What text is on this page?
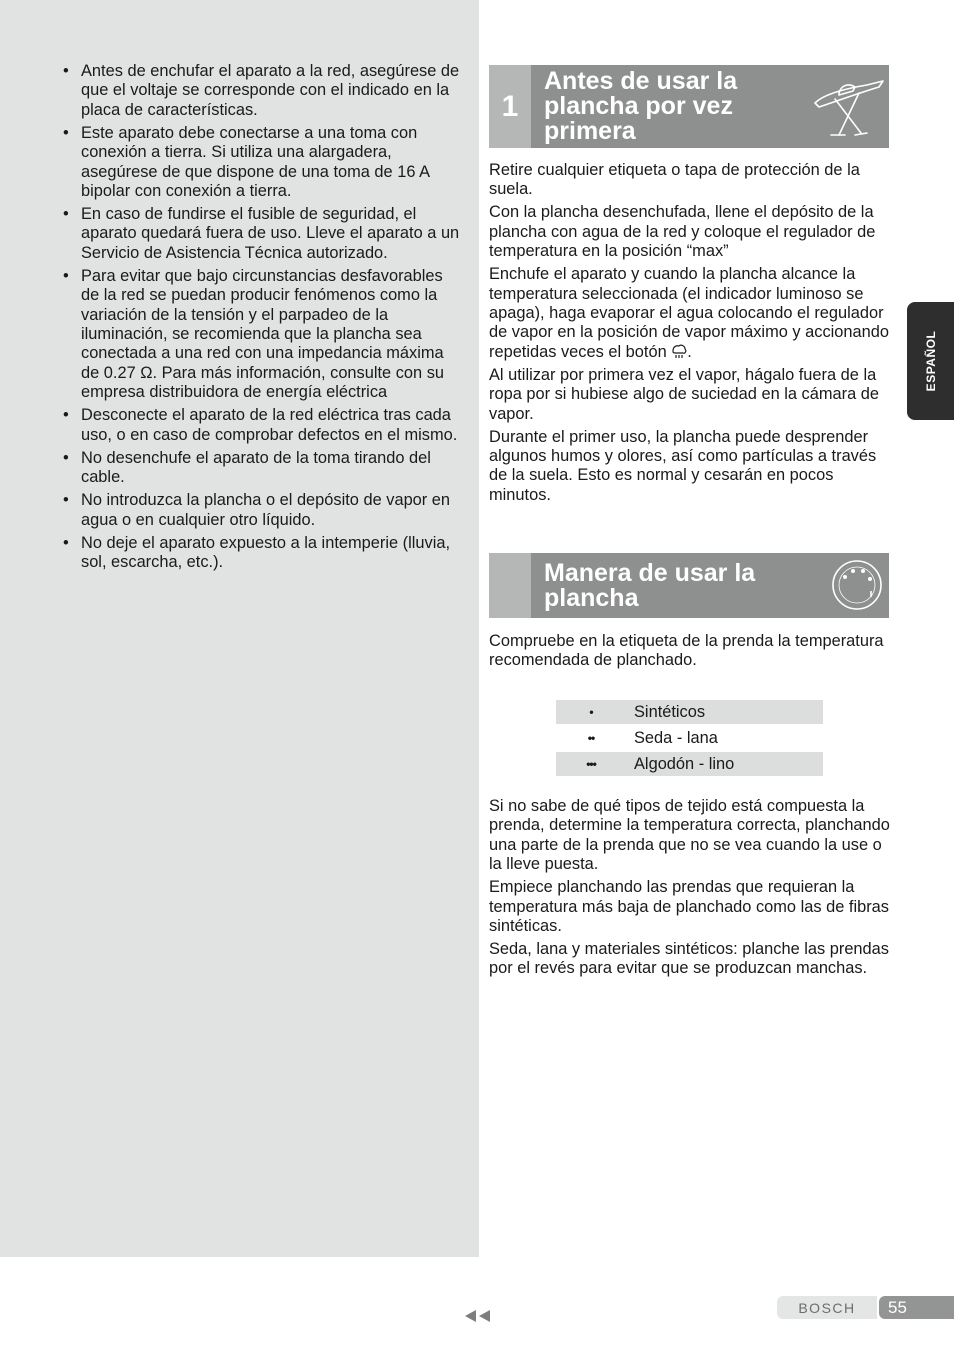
• Antes de enchufar el aparato a la red, asegúrese de que el voltaje se corresponde con el indicado en la placa de características.
• Este aparato debe conectarse a una toma con conexión a tierra. Si utiliza una alargadera, asegúrese de que dispone de una toma de 16 A bipolar con conexión a tierra.
• En caso de fundirse el fusible de seguridad, el aparato quedará fuera de uso. Lleve el aparato a un Servicio de Asistencia Técnica autorizado.
• Para evitar que bajo circunstancias desfavorables de la red se puedan producir fenómenos como la variación de la tensión y el parpadeo de la iluminación, se recomienda que la plancha sea conectada a una red con una impedancia máxima de 0.27 Ω. Para más información, consulte con su empresa distribuidora de energía eléctrica
• Desconecte el aparato de la red eléctrica tras cada uso, o en caso de comprobar defectos en el mismo.
• No desenchufe el aparato de la toma tirando del cable.
• No introduzca la plancha o el depósito de vapor en agua o en cualquier otro líquido.
• No deje el aparato expuesto a la intemperie (lluvia, sol, escarcha, etc.).
1
Antes de usar la
plancha por vez
primera

Retire cualquier etiqueta o tapa de protección de la suela.

Con la plancha desenchufada, llene el depósito de la plancha con agua de la red y coloque el regulador de temperatura en la posición “max”

Enchufe el aparato y cuando la plancha alcance la temperatura seleccionada (el indicador luminoso se apaga), haga evaporar el agua colocando el regulador de vapor en la posición de vapor máximo y accionando repetidas veces el botón .

Al utilizar por primera vez el vapor, hágalo fuera de la ropa por si hubiese algo de suciedad en la cámara de vapor.

Durante el primer uso, la plancha puede desprender algunos humos y olores, así como partículas a través de la suela. Esto es normal y cesarán en pocos minutos.

Manera de usar la
plancha

Compruebe en la etiqueta de la prenda la temperatura recomendada de planchado.

•	Sintéticos

••	Seda - lana

•••	Algodón - lino

Si no sabe de qué tipos de tejido está compuesta la prenda, determine la temperatura correcta, planchando una parte de la prenda que no se vea cuando la use o la lleve puesta.

Empiece planchando las prendas que requieran la temperatura más baja de planchado como las de fibras sintéticas.

Seda, lana y materiales sintéticos: planche las prendas por el revés para evitar que se produzcan manchas.

ESPAÑOL
BOSCH	55
